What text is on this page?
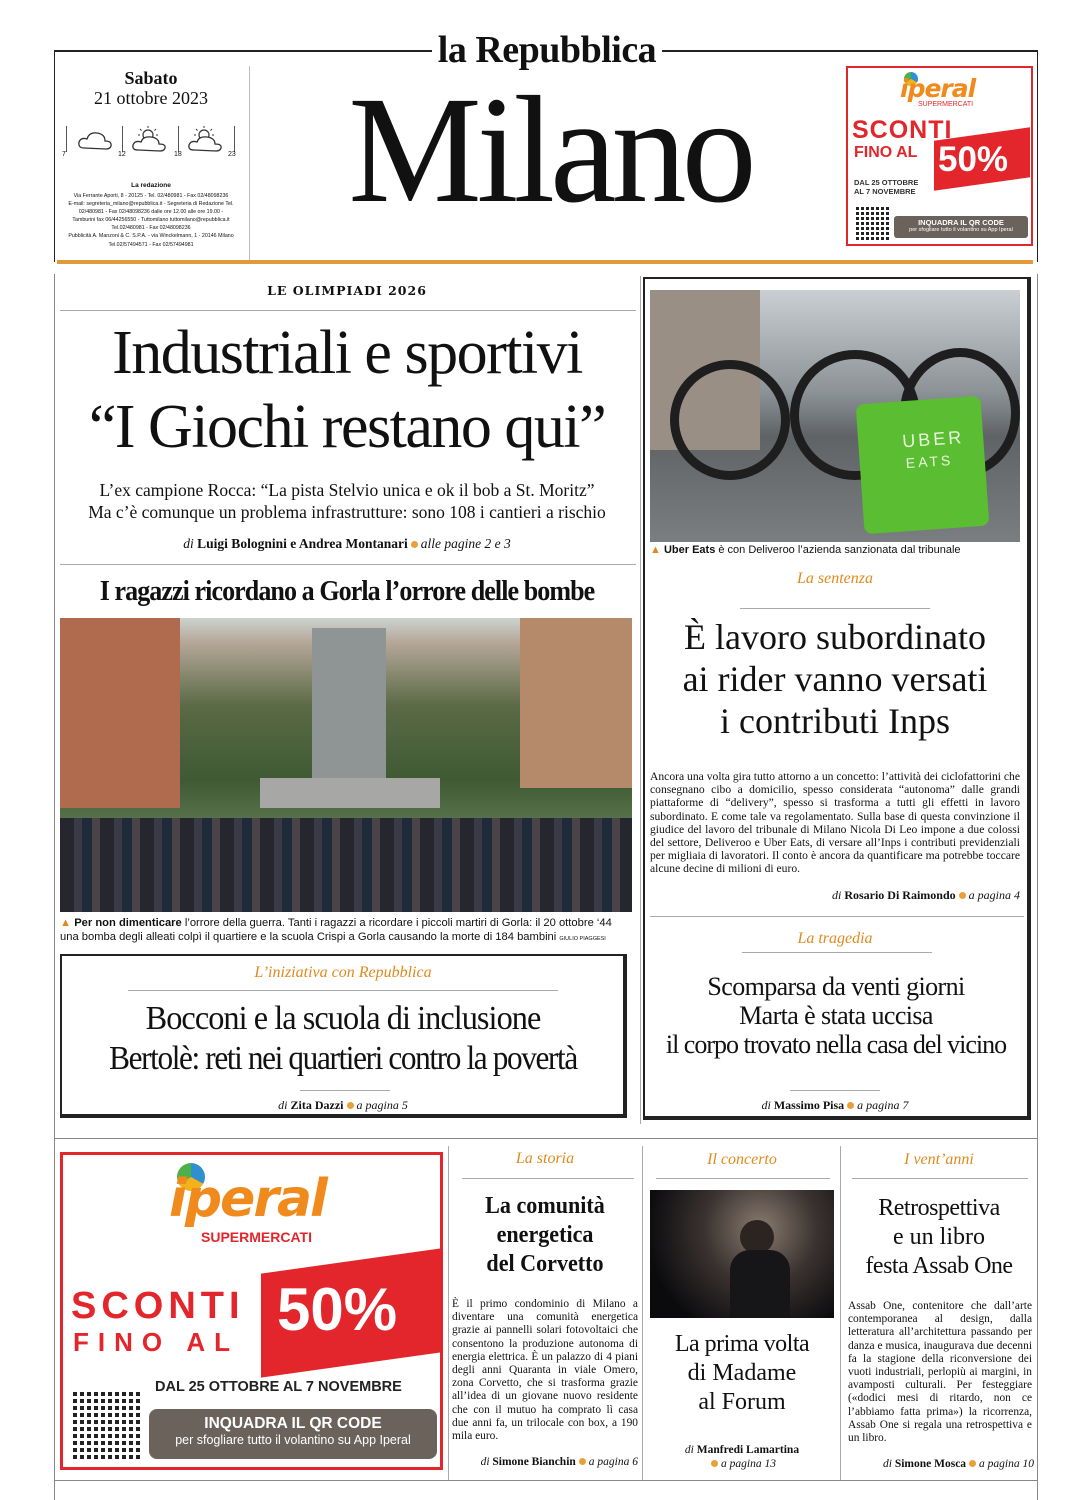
la Repubblica
Sabato
21 ottobre 2023
7	12	18	23
La redazione
Via Ferrante Aporti, 8 - 20125 - Tel. 02/480981 - Fax 02/48098236
E-mail: segreteria_milano@repubblica.it - Segreteria di Redazione Tel.
02/480981 - Fax 02/48098236 dalle ore 12.00 alle ore 19.00 -
Tamburini fax 06/44256550 - Tuttomilano tuttomilano@repubblica.it
Tel.02/480981 - Fax 02/48098236
Pubblicità A. Manzoni & C. S.P.A. - via Winckelmann, 1 - 20146 Milano
Tel.02/57494571 - Fax 02/57494981
Milano	iperal
SUPERMERCATI
SCONTI
FINO AL 50%
DAL 25 OTTOBRE
AL 7 NOVEMBRE
INQUADRA IL QR CODE
per sfogliare tutto il volantino su App Iperal
LE OLIMPIADI 2026
Industriali e sportivi
“I Giochi restano qui”
L’ex campione Rocca: “La pista Stelvio unica e ok il bob a St. Moritz”
Ma c’è comunque un problema infrastrutture: sono 108 i cantieri a rischio
di Luigi Bolognini e Andrea Montanari alle pagine 2 e 3
I ragazzi ricordano a Gorla l’orrore delle bombe
▲ Per non dimenticare l’orrore della guerra. Tanti i ragazzi a ricordare i piccoli martiri di Gorla: il 20 ottobre ‘44
una bomba degli alleati colpì il quartiere e la scuola Crispi a Gorla causando la morte di 184 bambini GIULIO PIAGGESI
L’iniziativa con Repubblica
Bocconi e la scuola di inclusione
Bertolè: reti nei quartieri contro la povertà
di Zita Dazzi a pagina 5
UBER
EATS
▲ Uber Eats è con Deliveroo l’azienda sanzionata dal tribunale
La sentenza
È lavoro subordinato
ai rider vanno versati
i contributi Inps
Ancora una volta gira tutto attorno a un concetto: l’attività dei ciclofattorini che consegnano cibo a domicilio, spesso considerata “autonoma” dalle grandi piattaforme di “delivery”, spesso si trasforma a tutti gli effetti in lavoro subordinato. E come tale va regolamentato. Sulla base di questa convinzione il giudice del lavoro del tribunale di Milano Nicola Di Leo impone a due colossi del settore, Deliveroo e Uber Eats, di versare all’Inps i contributi previdenziali per migliaia di lavoratori. Il conto è ancora da quantificare ma potrebbe toccare alcune decine di milioni di euro.
di Rosario Di Raimondo a pagina 4
La tragedia
Scomparsa da venti giorni
Marta è stata uccisa
il corpo trovato nella casa del vicino
di Massimo Pisa a pagina 7
iperal
SUPERMERCATI
SCONTI
FINO AL 50%
DAL 25 OTTOBRE AL 7 NOVEMBRE
INQUADRA IL QR CODE
per sfogliare tutto il volantino su App Iperal
La storia
La comunità
energetica
del Corvetto
È il primo condominio di Milano a diventare una comunità energetica grazie ai pannelli solari fotovoltaici che consentono la produzione autonoma di energia elettrica. È un palazzo di 4 piani degli anni Quaranta in viale Omero, zona Corvetto, che si trasforma grazie all’idea di un giovane nuovo residente che con il mutuo ha comprato lì casa due anni fa, un trilocale con box, a 190 mila euro.
di Simone Bianchin a pagina 6
Il concerto
La prima volta
di Madame
al Forum
di Manfredi Lamartina
a pagina 13
I vent’anni
Retrospettiva
e un libro
festa Assab One
Assab One, contenitore che dall’arte contemporanea al design, dalla letteratura all’architettura passando per danza e musica, inaugurava due decenni fa la stagione della riconversione dei vuoti industriali, perlopiù ai margini, in avamposti culturali. Per festeggiare («dodici mesi di ritardo, non ce l’abbiamo fatta prima») la ricorrenza, Assab One si regala una retrospettiva e un libro.
di Simone Mosca a pagina 10
